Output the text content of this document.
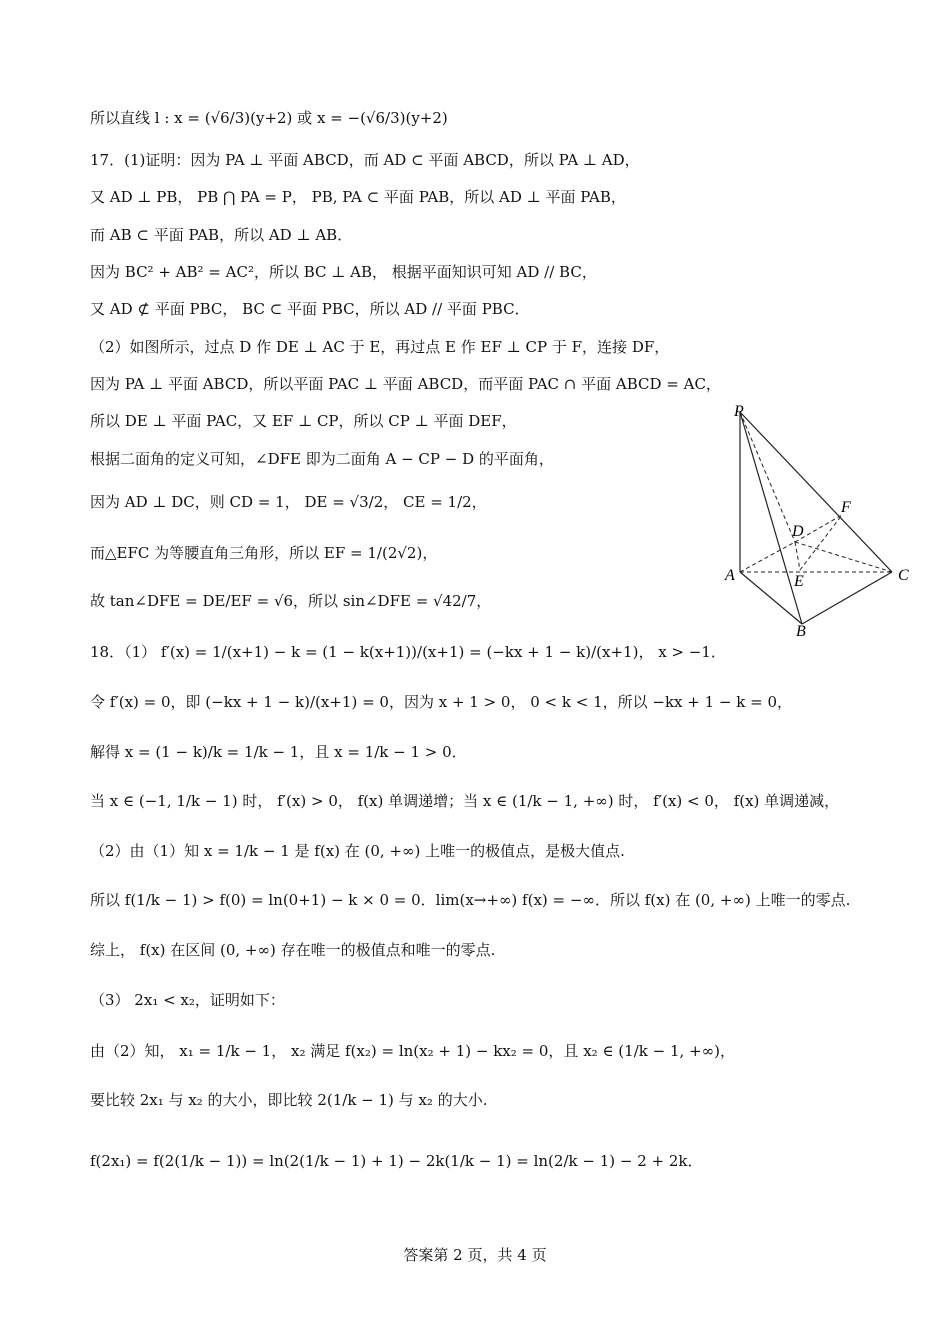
所以直线 l : x = (√6/3)(y+2) 或 x = −(√6/3)(y+2)
17．(1)证明：因为 PA ⊥ 平面 ABCD，而 AD ⊂ 平面 ABCD，所以 PA ⊥ AD，
又 AD ⊥ PB， PB ⋂ PA = P， PB, PA ⊂ 平面 PAB，所以 AD ⊥ 平面 PAB，
而 AB ⊂ 平面 PAB，所以 AD ⊥ AB．
因为 BC² + AB² = AC²，所以 BC ⊥ AB， 根据平面知识可知 AD // BC，
又 AD ⊄ 平面 PBC， BC ⊂ 平面 PBC，所以 AD // 平面 PBC．
（2）如图所示，过点 D 作 DE ⊥ AC 于 E，再过点 E 作 EF ⊥ CP 于 F，连接 DF，
因为 PA ⊥ 平面 ABCD，所以平面 PAC ⊥ 平面 ABCD，而平面 PAC ∩ 平面 ABCD = AC，
所以 DE ⊥ 平面 PAC，又 EF ⊥ CP，所以 CP ⊥ 平面 DEF，
根据二面角的定义可知，∠DFE 即为二面角 A − CP − D 的平面角，
因为 AD ⊥ DC，则 CD = 1， DE = √3/2， CE = 1/2，
而△EFC 为等腰直角三角形，所以 EF = 1/(2√2)，
故 tan∠DFE = DE/EF = √6，所以 sin∠DFE = √42/7，
18．（1） f′(x) = 1/(x+1) − k = (1 − k(x+1))/(x+1) = (−kx + 1 − k)/(x+1)， x > −1．
令 f′(x) = 0，即 (−kx + 1 − k)/(x+1) = 0，因为 x + 1 > 0， 0 < k < 1，所以 −kx + 1 − k = 0，
解得 x = (1 − k)/k = 1/k − 1，且 x = 1/k − 1 > 0．
当 x ∈ (−1, 1/k − 1) 时， f′(x) > 0， f(x) 单调递增；当 x ∈ (1/k − 1, +∞) 时， f′(x) < 0， f(x) 单调递减，
（2）由（1）知 x = 1/k − 1 是 f(x) 在 (0, +∞) 上唯一的极值点，是极大值点.
所以 f(1/k − 1) > f(0) = ln(0+1) − k × 0 = 0．lim(x→+∞) f(x) = −∞．所以 f(x) 在 (0, +∞) 上唯一的零点.
综上， f(x) 在区间 (0, +∞) 存在唯一的极值点和唯一的零点.
（3） 2x₁ < x₂，证明如下：
由（2）知， x₁ = 1/k − 1， x₂ 满足 f(x₂) = ln(x₂ + 1) − kx₂ = 0，且 x₂ ∈ (1/k − 1, +∞)，
要比较 2x₁ 与 x₂ 的大小，即比较 2(1/k − 1) 与 x₂ 的大小.
f(2x₁) = f(2(1/k − 1)) = ln(2(1/k − 1) + 1) − 2k(1/k − 1) = ln(2/k − 1) − 2 + 2k．
P
A
B
C
D
E
F
答案第 2 页，共 4 页
